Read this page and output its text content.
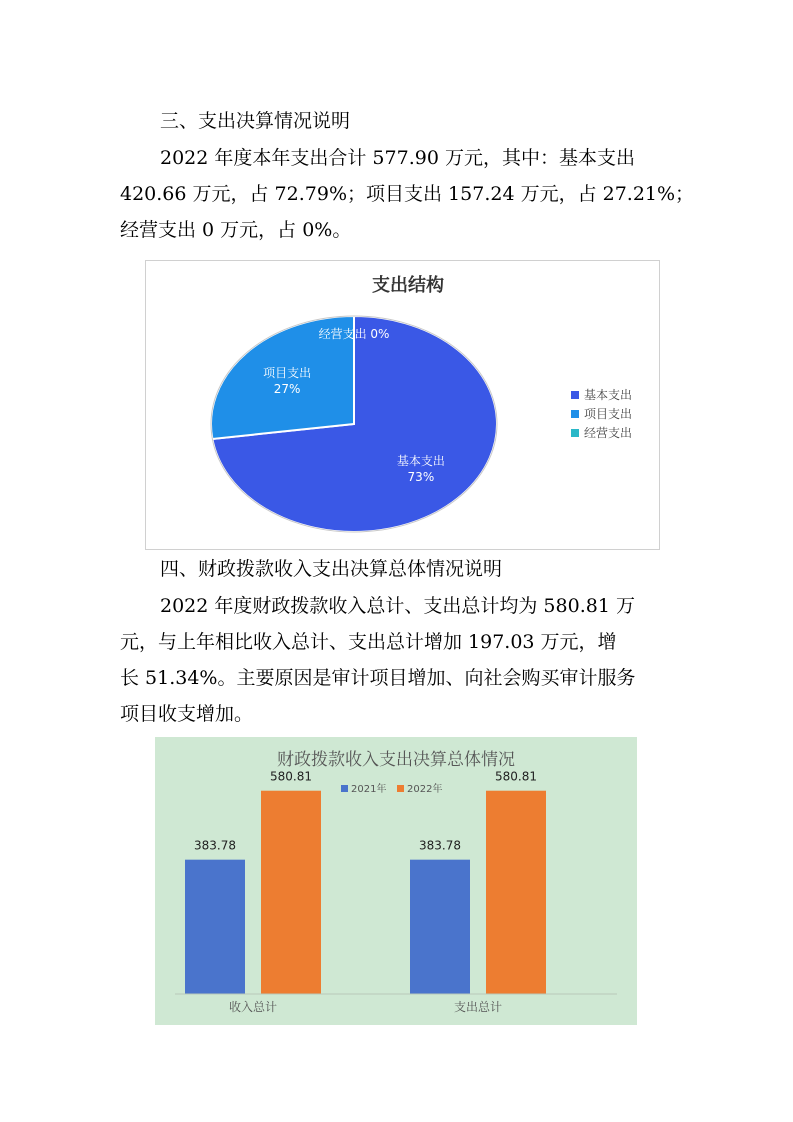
三、支出决算情况说明
2022 年度本年支出合计 577.90 万元，其中：基本支出
420.66 万元，占 72.79%；项目支出 157.24 万元，占 27.21%；
经营支出 0 万元，占 0%。
支出结构
基本支出
73%
项目支出
27%
经营支出 0%
基本支出
项目支出
经营支出
四、财政拨款收入支出决算总体情况说明
2022 年度财政拨款收入总计、支出总计均为 580.81 万
元，与上年相比收入总计、支出总计增加 197.03 万元，增
长 51.34%。主要原因是审计项目增加、向社会购买审计服务
项目收支增加。
财政拨款收入支出决算总体情况
2021年 2022年
383.78	383.78
580.81	580.81
收入总计	支出总计
